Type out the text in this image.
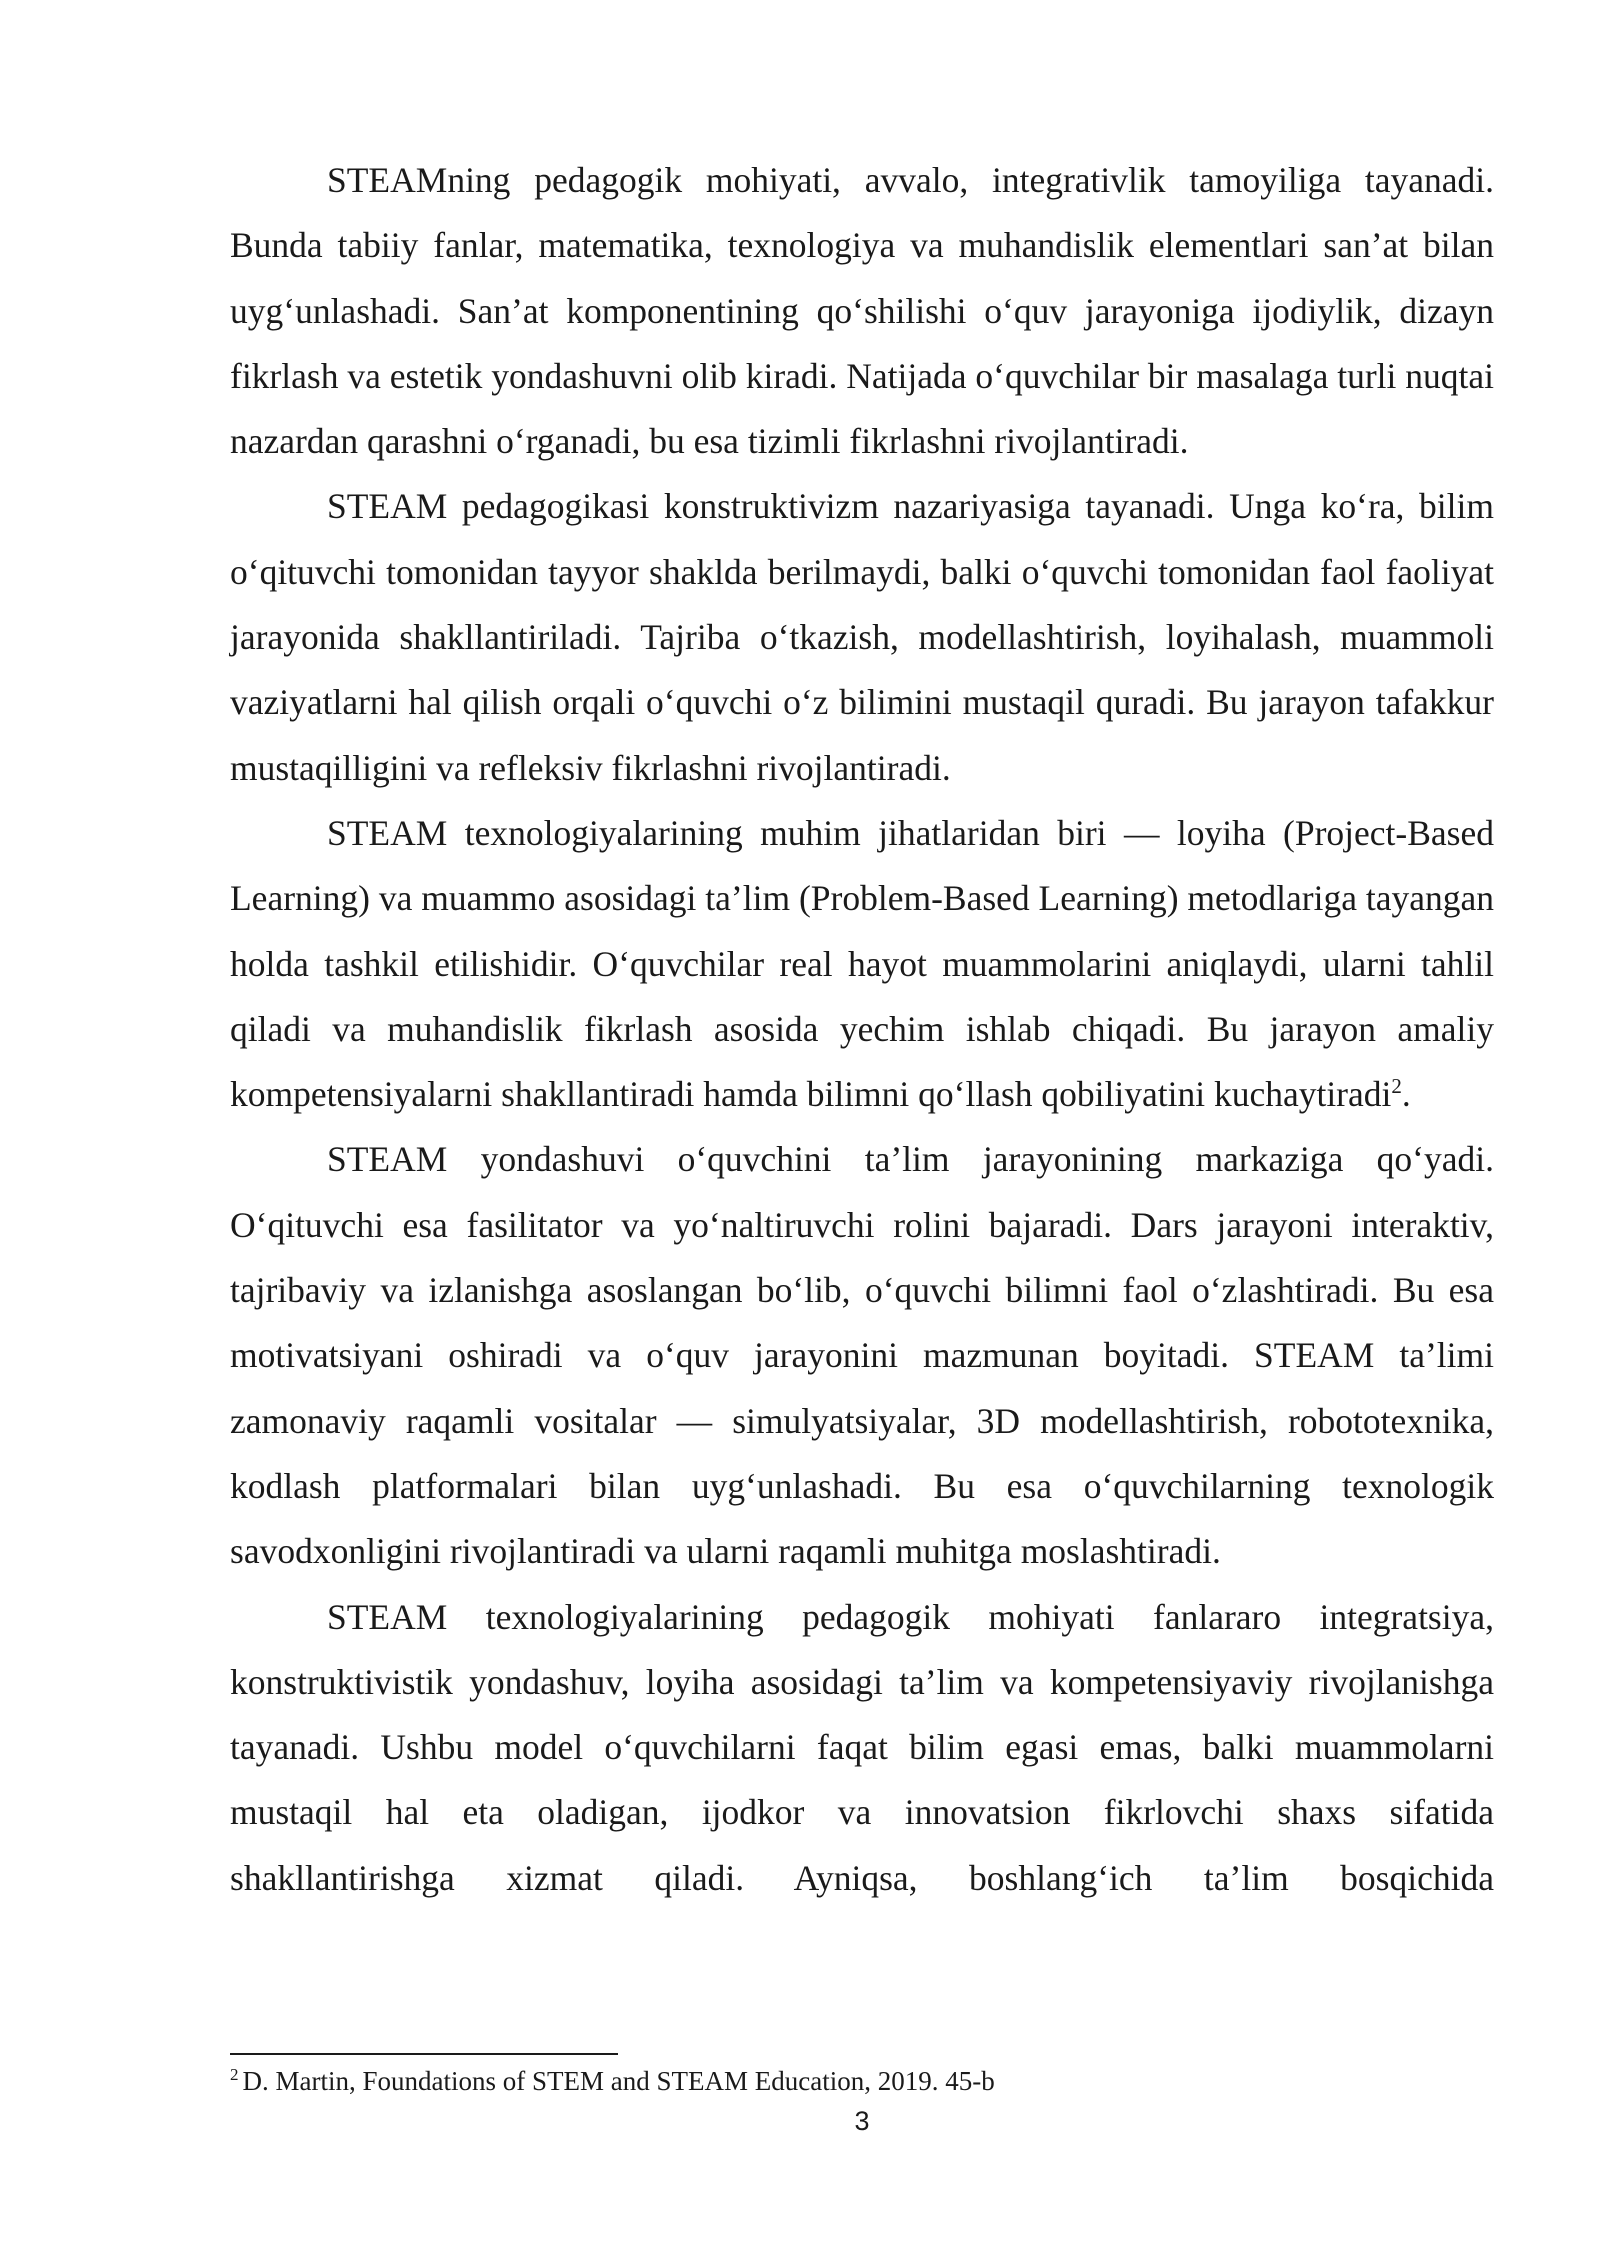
STEAMning pedagogik mohiyati, avvalo, integrativlik tamoyiliga tayanadi. Bunda tabiiy fanlar, matematika, texnologiya va muhandislik elementlari san’at bilan uyg‘unlashadi. San’at komponentining qo‘shilishi o‘quv jarayoniga ijodiylik, dizayn fikrlash va estetik yondashuvni olib kiradi. Natijada o‘quvchilar bir masalaga turli nuqtai nazardan qarashni o‘rganadi, bu esa tizimli fikrlashni rivojlantiradi.

STEAM pedagogikasi konstruktivizm nazariyasiga tayanadi. Unga ko‘ra, bilim o‘qituvchi tomonidan tayyor shaklda berilmaydi, balki o‘quvchi tomonidan faol faoliyat jarayonida shakllantiriladi. Tajriba o‘tkazish, modellashtirish, loyihalash, muammoli vaziyatlarni hal qilish orqali o‘quvchi o‘z bilimini mustaqil quradi. Bu jarayon tafakkur mustaqilligini va refleksiv fikrlashni rivojlantiradi.

STEAM texnologiyalarining muhim jihatlaridan biri — loyiha (Project-Based Learning) va muammo asosidagi ta’lim (Problem-Based Learning) metodlariga tayangan holda tashkil etilishidir. O‘quvchilar real hayot muammolarini aniqlaydi, ularni tahlil qiladi va muhandislik fikrlash asosida yechim ishlab chiqadi. Bu jarayon amaliy kompetensiyalarni shakllantiradi hamda bilimni qo‘llash qobiliyatini kuchaytiradi$^2$.

STEAM yondashuvi o‘quvchini ta’lim jarayonining markaziga qo‘yadi. O‘qituvchi esa fasilitator va yo‘naltiruvchi rolini bajaradi. Dars jarayoni interaktiv, tajribaviy va izlanishga asoslangan bo‘lib, o‘quvchi bilimni faol o‘zlashtiradi. Bu esa motivatsiyani oshiradi va o‘quv jarayonini mazmunan boyitadi. STEAM ta’limi zamonaviy raqamli vositalar — simulyatsiyalar, 3D modellashtirish, robototexnika, kodlash platformalari bilan uyg‘unlashadi. Bu esa o‘quvchilarning texnologik savodxonligini rivojlantiradi va ularni raqamli muhitga moslashtiradi.

STEAM texnologiyalarining pedagogik mohiyati fanlararo integratsiya, konstruktivistik yondashuv, loyiha asosidagi ta’lim va kompetensiyaviy rivojlanishga tayanadi. Ushbu model o‘quvchilarni faqat bilim egasi emas, balki muammolarni mustaqil hal eta oladigan, ijodkor va innovatsion fikrlovchi shaxs sifatida shakllantirishga xizmat qiladi. Ayniqsa, boshlang‘ich ta’lim bosqichida

$^2$ D. Martin, Foundations of STEM and STEAM Education, 2019. 45-b
3
